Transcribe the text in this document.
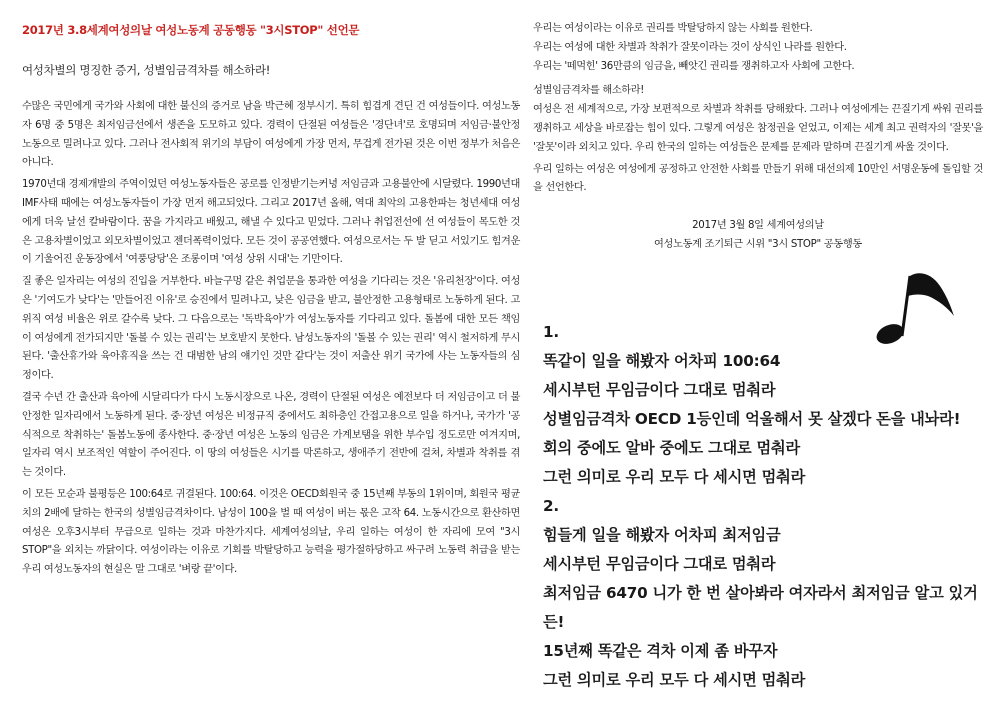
2017년 3.8세계여성의날 여성노동계 공동행동 "3시STOP" 선언문
여성차별의 명징한 증거, 성별임금격차를 해소하라!

수많은 국민에게 국가와 사회에 대한 불신의 증거로 남을 박근혜 정부시기. 특히 힘겹게 견딘 건 여성들이다. 여성노동자 6명 중 5명은 최저임금선에서 생존을 도모하고 있다. 경력이 단절된 여성들은 '경단녀'로 호명되며 저임금·불안정 노동으로 밀려나고 있다. 그러나 전사회적 위기의 부담이 여성에게 가장 먼저, 무겁게 전가된 것은 이번 정부가 처음은 아니다.

1970년대 경제개발의 주역이었던 여성노동자들은 공로를 인정받기는커녕 저임금과 고용불안에 시달렸다. 1990년대 IMF사태 때에는 여성노동자들이 가장 먼저 해고되었다. 그리고 2017년 올해, 역대 최악의 고용한파는 청년세대 여성에게 더욱 날선 칼바람이다. 꿈을 가지라고 배웠고, 해낼 수 있다고 믿었다. 그러나 취업전선에 선 여성들이 목도한 것은 고용차별이었고 외모차별이었고 젠더폭력이었다. 모든 것이 공공연했다. 여성으로서는 두 발 딛고 서있기도 힘겨운 이 기울어진 운동장에서 '여풍당당'은 조롱이며 '여성 상위 시대'는 기만이다.

질 좋은 일자리는 여성의 진입을 거부한다. 바늘구멍 같은 취업문을 통과한 여성을 기다리는 것은 '유리천장'이다. 여성은 '기여도가 낮다'는 '만들어진 이유'로 승진에서 밀려나고, 낮은 임금을 받고, 불안정한 고용형태로 노동하게 된다. 고위직 여성 비율은 위로 갈수록 낮다. 그 다음으로는 '독박육아'가 여성노동자를 기다리고 있다. 돌봄에 대한 모든 책임이 여성에게 전가되지만 '돌볼 수 있는 권리'는 보호받지 못한다. 남성노동자의 '돌볼 수 있는 권리' 역시 철저하게 무시된다. '출산휴가와 육아휴직을 쓰는 건 대범한 남의 얘기인 것만 같다'는 것이 저출산 위기 국가에 사는 노동자들의 심정이다.

결국 수년 간 출산과 육아에 시달리다가 다시 노동시장으로 나온, 경력이 단절된 여성은 예전보다 더 저임금이고 더 불안정한 일자리에서 노동하게 된다. 중·장년 여성은 비정규직 중에서도 최하층인 간접고용으로 일을 하거나, 국가가 '공식적으로 착취하는' 돌봄노동에 종사한다. 중·장년 여성은 노동의 임금은 가계보탬을 위한 부수입 정도로만 여겨지며, 일자리 역시 보조적인 역할이 주어진다. 이 땅의 여성들은 시기를 막론하고, 생애주기 전반에 걸쳐, 차별과 착취를 겪는 것이다.

이 모든 모순과 불평등은 100:64로 귀결된다. 100:64. 이것은 OECD회원국 중 15년째 부동의 1위이며, 회원국 평균치의 2배에 달하는 한국의 성별임금격차이다. 남성이 100을 벌 때 여성이 버는 몫은 고작 64. 노동시간으로 환산하면 여성은 오후3시부터 무급으로 일하는 것과 마찬가지다. 세계여성의날, 우리 일하는 여성이 한 자리에 모여 "3시 STOP"을 외치는 까닭이다. 여성이라는 이유로 기회를 박탈당하고 능력을 평가절하당하고 싸구려 노동력 취급을 받는 우리 여성노동자의 현실은 말 그대로 '벼랑 끝'이다.

우리는 여성이라는 이유로 권리를 박탈당하지 않는 사회를 원한다.
우리는 여성에 대한 차별과 착취가 잘못이라는 것이 상식인 나라를 원한다.
우리는 '떼먹힌' 36만큼의 임금을, 빼앗긴 권리를 쟁취하고자 사회에 고한다.
성별임금격차를 해소하라!

여성은 전 세계적으로, 가장 보편적으로 차별과 착취를 당해왔다. 그러나 여성에게는 끈질기게 싸워 권리를 쟁취하고 세상을 바로잡는 힘이 있다. 그렇게 여성은 참정권을 얻었고, 이제는 세계 최고 권력자의 '잘못'을 '잘못'이라 외치고 있다. 우리 한국의 일하는 여성들은 문제를 문제라 말하며 끈질기게 싸울 것이다.

우리 일하는 여성은 여성에게 공정하고 안전한 사회를 만들기 위해 대선의제 10만인 서명운동에 돌입할 것을 선언한다.

2017년 3월 8일 세계여성의날
여성노동계 조기퇴근 시위 "3시 STOP" 공동행동
1.
똑같이 일을 해봤자 어차피 100:64
세시부턴 무임금이다 그대로 멈춰라
성별임금격차 OECD 1등인데 억울해서 못 살겠다 돈을 내놔라!
회의 중에도 알바 중에도 그대로 멈춰라
그런 의미로 우리 모두 다 세시면 멈춰라
2.
힘들게 일을 해봤자 어차피 최저임금
세시부턴 무임금이다 그대로 멈춰라
최저임금 6470 니가 한 번 살아봐라 여자라서 최저임금 알고 있거든!
15년째 똑같은 격차 이제 좀 바꾸자
그런 의미로 우리 모두 다 세시면 멈춰라
